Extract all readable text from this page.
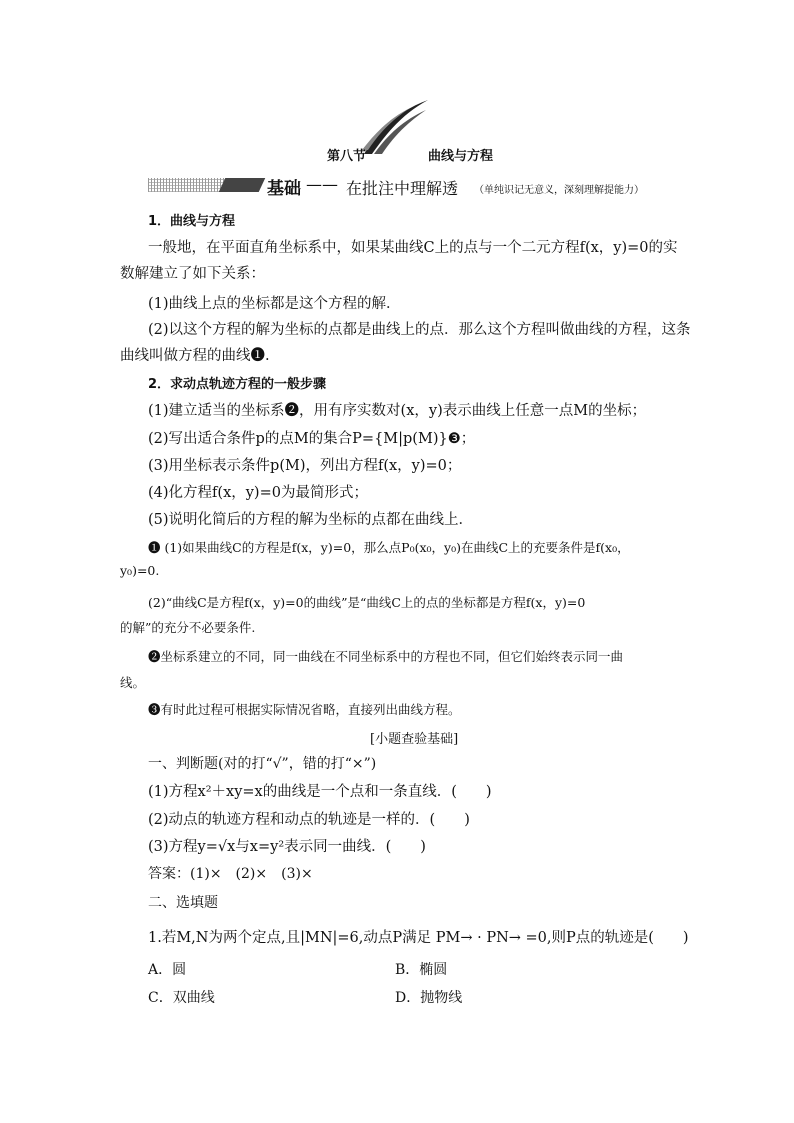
第八节	曲线与方程
基础 —— 在批注中理解透 （单纯识记无意义，深刻理解提能力）
1．曲线与方程
一般地，在平面直角坐标系中，如果某曲线C上的点与一个二元方程f(x，y)=0的实
数解建立了如下关系：
(1)曲线上点的坐标都是这个方程的解．
(2)以这个方程的解为坐标的点都是曲线上的点．那么这个方程叫做曲线的方程，这条
曲线叫做方程的曲线❶.
2．求动点轨迹方程的一般步骤
(1)建立适当的坐标系❷，用有序实数对(x，y)表示曲线上任意一点M的坐标；
(2)写出适合条件p的点M的集合P={M|p(M)}❸；
(3)用坐标表示条件p(M)，列出方程f(x，y)=0；
(4)化方程f(x，y)=0为最简形式；
(5)说明化简后的方程的解为坐标的点都在曲线上．
❶ (1)如果曲线C的方程是f(x，y)=0，那么点P₀(x₀，y₀)在曲线C上的充要条件是f(x₀，
y₀)=0.
(2)“曲线C是方程f(x，y)=0的曲线”是“曲线C上的点的坐标都是方程f(x，y)=0
的解”的充分不必要条件.
❷坐标系建立的不同，同一曲线在不同坐标系中的方程也不同，但它们始终表示同一曲
线。
❸有时此过程可根据实际情况省略，直接列出曲线方程。
[小题查验基础]
一、判断题(对的打“√”，错的打“×”)
(1)方程x²＋xy=x的曲线是一个点和一条直线．(　　)
(2)动点的轨迹方程和动点的轨迹是一样的．(　　)
(3)方程y=√x与x=y²表示同一曲线．(　　)
答案：(1)×　(2)×　(3)×
二、选填题
1.若M,N为两个定点,且|MN|=6,动点P满足 PM→ · PN→ =0,则P点的轨迹是(　　)
A．圆	B．椭圆
C．双曲线	D．抛物线
